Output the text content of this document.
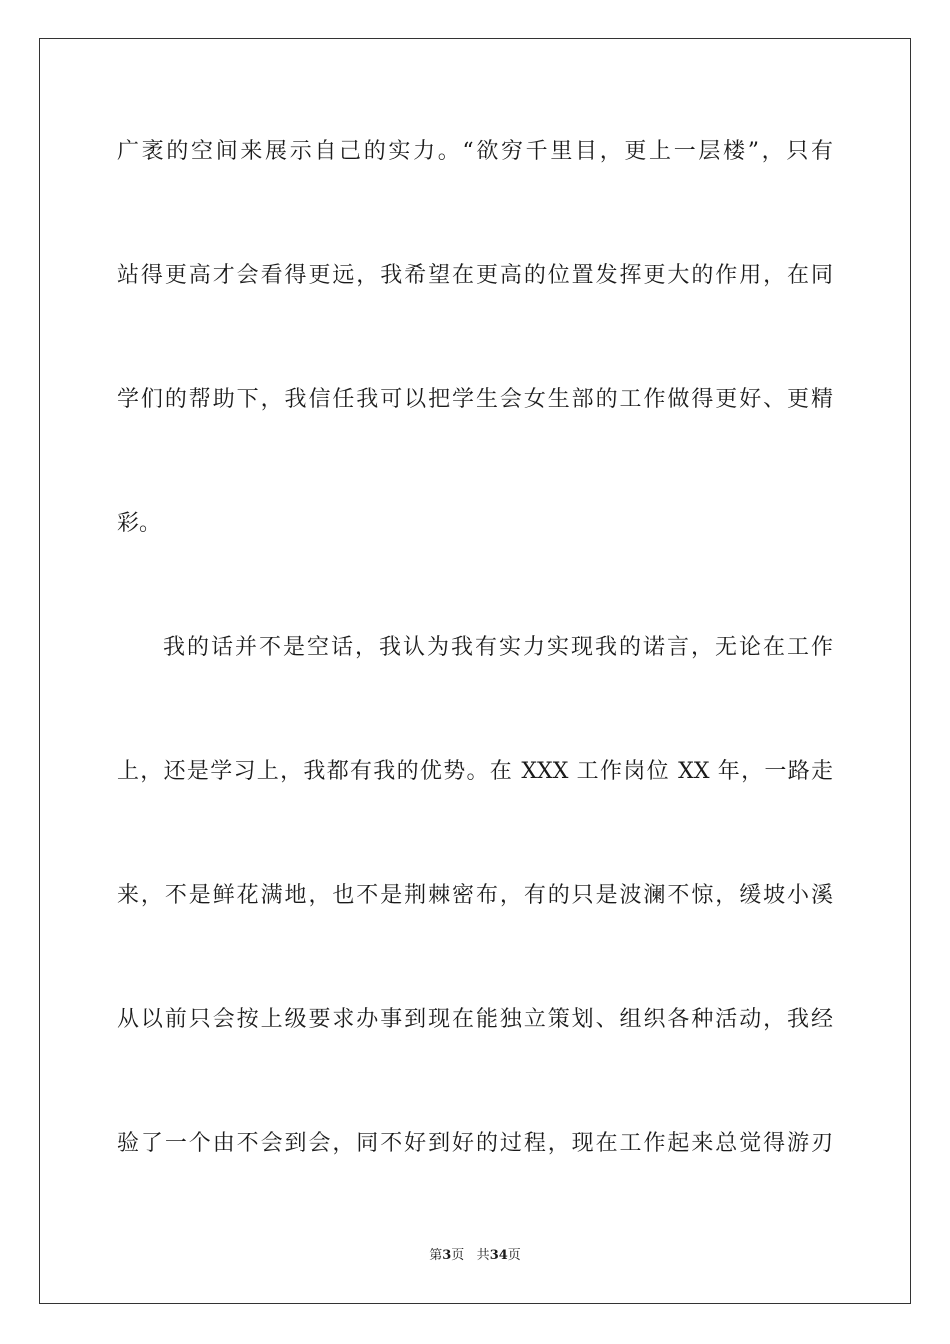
广袤的空间来展示自己的实力。“欲穷千里目，更上一层楼”，只有
站得更高才会看得更远，我希望在更高的位置发挥更大的作用，在同
学们的帮助下，我信任我可以把学生会女生部的工作做得更好、更精
彩。
我的话并不是空话，我认为我有实力实现我的诺言，无论在工作
上，还是学习上，我都有我的优势。在 XXX 工作岗位 XX 年，一路走
来，不是鲜花满地，也不是荆棘密布，有的只是波澜不惊，缓坡小溪
从以前只会按上级要求办事到现在能独立策划、组织各种活动，我经
验了一个由不会到会，同不好到好的过程，现在工作起来总觉得游刃
第3页 共34页
